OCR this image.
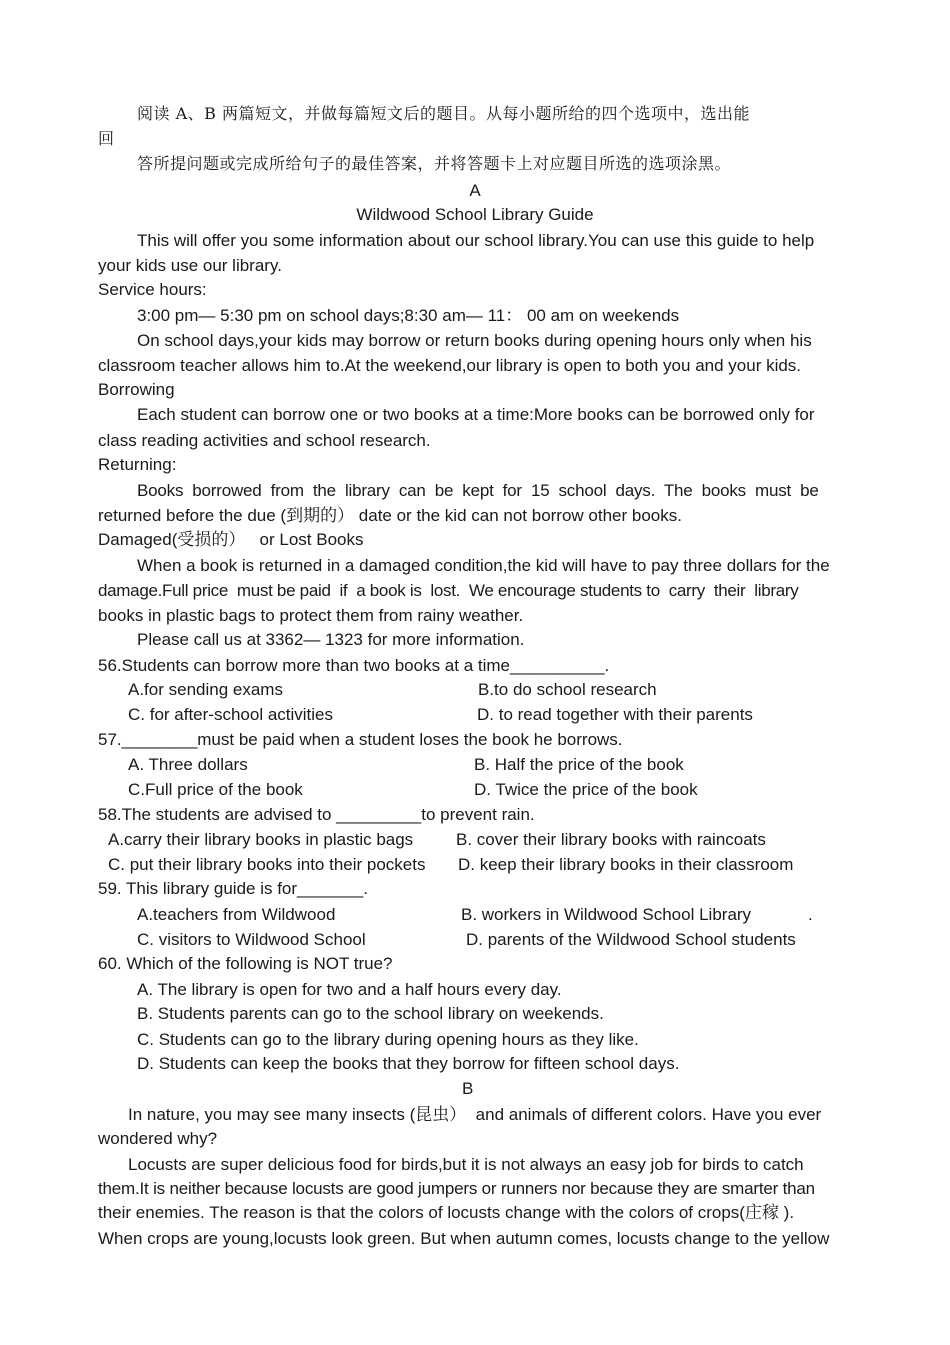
阅读 A、B 两篇短文，并做每篇短文后的题目。从每小题所给的四个选项中，选出能
回
答所提问题或完成所给句子的最佳答案，并将答题卡上对应题目所选的选项涂黑。
A
Wildwood School Library Guide
This will offer you some information about our school library.You can use this guide to help
your kids use our library.
Service hours:
3:00 pm— 5:30 pm on school days;8:30 am— 11： 00 am on weekends
On school days,your kids may borrow or return books during opening hours only when his
classroom teacher allows him to.At the weekend,our library is open to both you and your kids.
Borrowing
Each student can borrow one or two books at a time:More books can be borrowed only for
class reading activities and school research.
Returning:
Books  borrowed  from  the  library  can  be  kept  for  15  school  days.  The  books  must  be
returned before the due (到期的） date or the kid can not borrow other books.
Damaged(受损的）   or Lost Books
When a book is returned in a damaged condition,the kid will have to pay three dollars for the
damage.Full price  must be paid  if  a book is  lost.  We encourage students to  carry  their  library
books in plastic bags to protect them from rainy weather.
Please call us at 3362— 1323 for more information.
56.Students can borrow more than two books at a time__________.
A.for sending exams	B.to do school research
C. for after-school activities	D. to read together with their parents
57.________must be paid when a student loses the book he borrows.
A. Three dollars	B. Half the price of the book
C.Full price of the book	D. Twice the price of the book
58.The students are advised to _________to prevent rain.
A.carry their library books in plastic bags	B. cover their library books with raincoats
C. put their library books into their pockets D. keep their library books in their classroom
59. This library guide is for_______.
A.teachers from Wildwood	B. workers in Wildwood School Library	.
C. visitors to Wildwood School	D. parents of the Wildwood School students
60. Which of the following is NOT true?
A. The library is open for two and a half hours every day.
B. Students parents can go to the school library on weekends.
C. Students can go to the library during opening hours as they like.
D. Students can keep the books that they borrow for fifteen school days.
B
In nature, you may see many insects (昆虫）  and animals of different colors. Have you ever
wondered why?
Locusts are super delicious food for birds,but it is not always an easy job for birds to catch
them.It is neither because locusts are good jumpers or runners nor because they are smarter than
their enemies. The reason is that the colors of locusts change with the colors of crops(庄稼 ).
When crops are young,locusts look green. But when autumn comes, locusts change to the yellow
